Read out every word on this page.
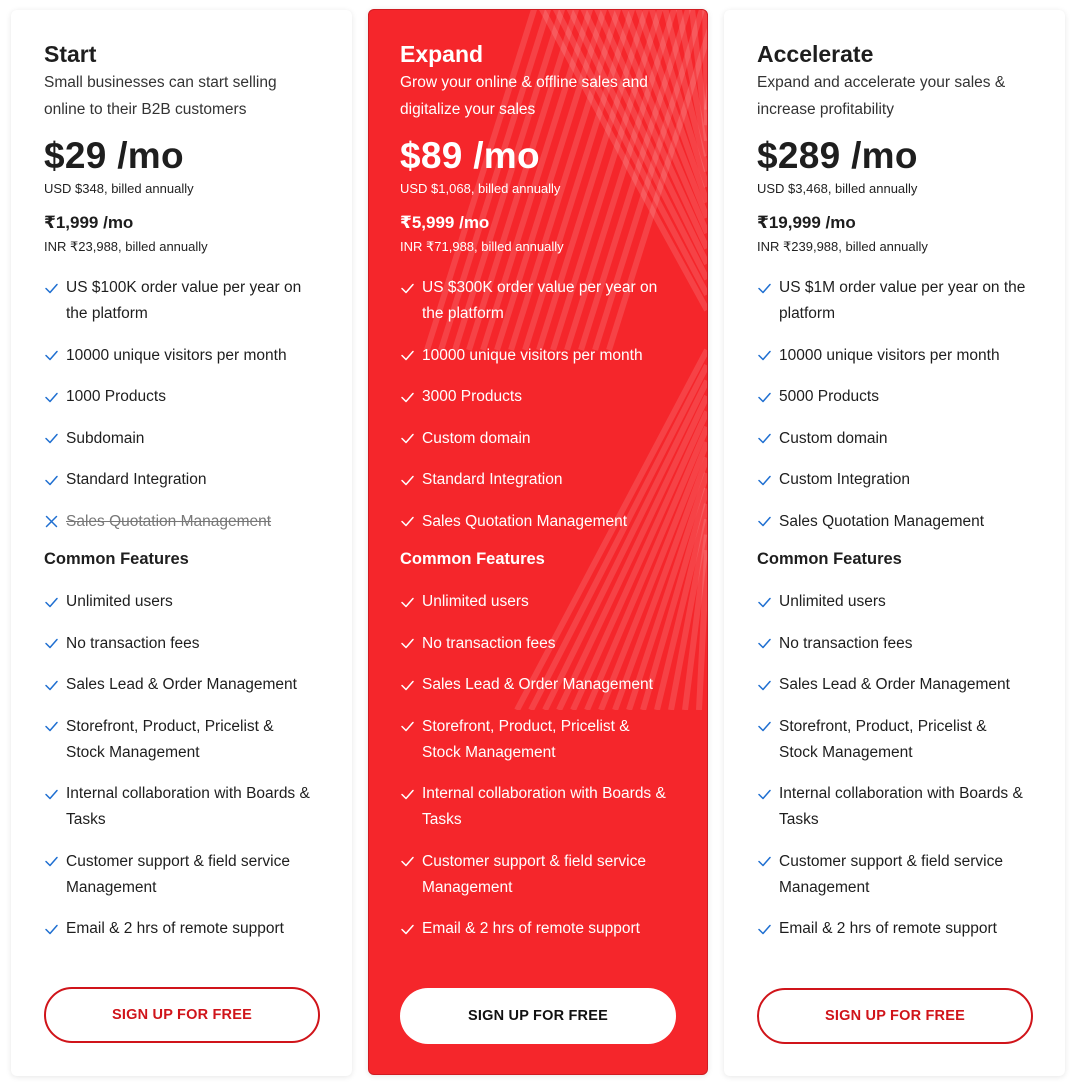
Start
Small businesses can start selling online to their B2B customers
$29 /mo
USD $348, billed annually
₹1,999 /mo
INR ₹23,988, billed annually
US $100K order value per year on the platform
10000 unique visitors per month
1000 Products
Subdomain
Standard Integration
Sales Quotation Management
Common Features
Unlimited users
No transaction fees
Sales Lead & Order Management
Storefront, Product, Pricelist & Stock Management
Internal collaboration with Boards & Tasks
Customer support & field service Management
Email & 2 hrs of remote support
SIGN UP FOR FREE
Expand
Grow your online & offline sales and digitalize your sales
$89 /mo
USD $1,068, billed annually
₹5,999 /mo
INR ₹71,988, billed annually
US $300K order value per year on the platform
10000 unique visitors per month
3000 Products
Custom domain
Standard Integration
Sales Quotation Management
Common Features
Unlimited users
No transaction fees
Sales Lead & Order Management
Storefront, Product, Pricelist & Stock Management
Internal collaboration with Boards & Tasks
Customer support & field service Management
Email & 2 hrs of remote support
SIGN UP FOR FREE
Accelerate
Expand and accelerate your sales & increase profitability
$289 /mo
USD $3,468, billed annually
₹19,999 /mo
INR ₹239,988, billed annually
US $1M order value per year on the platform
10000 unique visitors per month
5000 Products
Custom domain
Custom Integration
Sales Quotation Management
Common Features
Unlimited users
No transaction fees
Sales Lead & Order Management
Storefront, Product, Pricelist & Stock Management
Internal collaboration with Boards & Tasks
Customer support & field service Management
Email & 2 hrs of remote support
SIGN UP FOR FREE
